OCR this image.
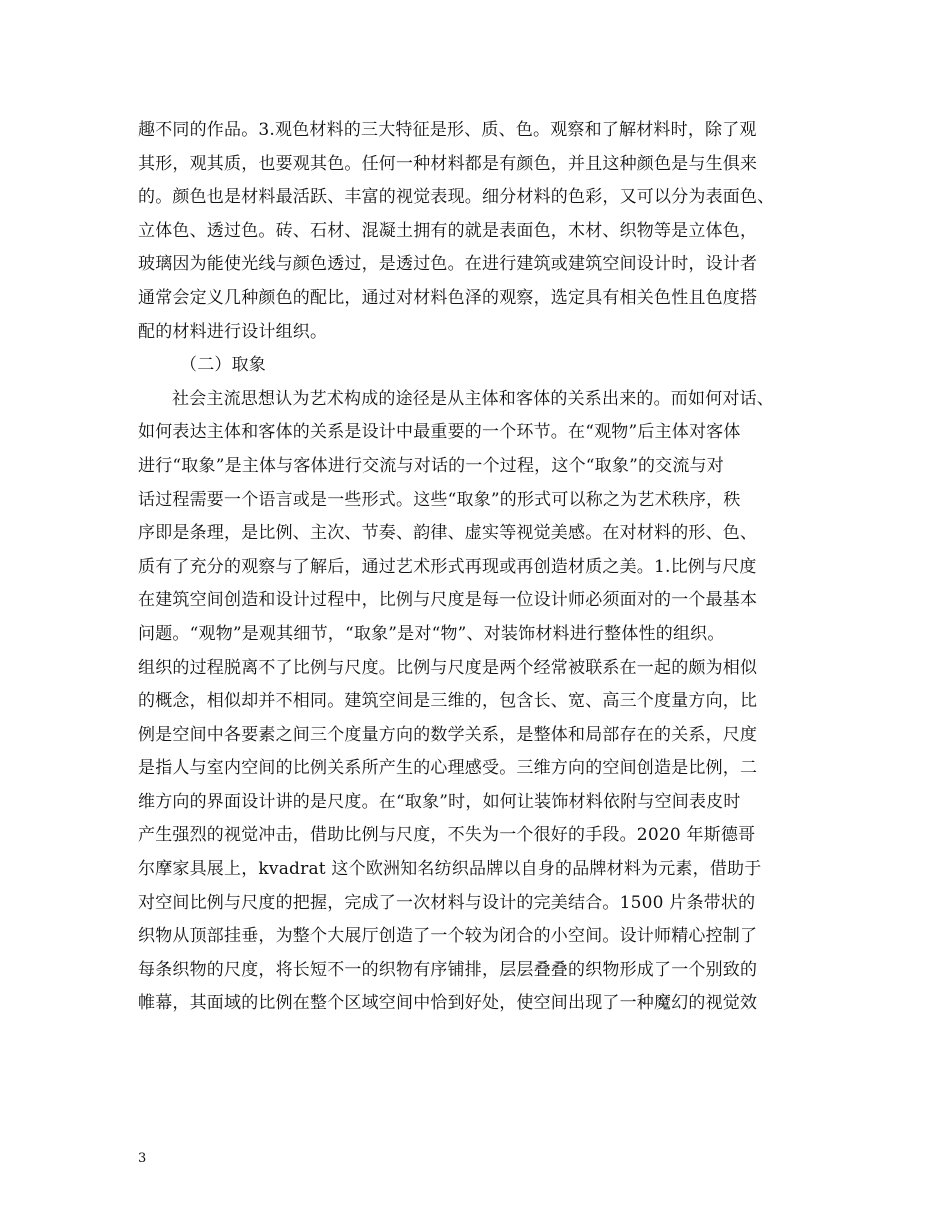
趣不同的作品。3.观色材料的三大特征是形、质、色。观察和了解材料时，除了观
其形，观其质，也要观其色。任何一种材料都是有颜色，并且这种颜色是与生俱来
的。颜色也是材料最活跃、丰富的视觉表现。细分材料的色彩，又可以分为表面色、
立体色、透过色。砖、石材、混凝土拥有的就是表面色，木材、织物等是立体色，
玻璃因为能使光线与颜色透过，是透过色。在进行建筑或建筑空间设计时，设计者
通常会定义几种颜色的配比，通过对材料色泽的观察，选定具有相关色性且色度搭
配的材料进行设计组织。
（二）取象
社会主流思想认为艺术构成的途径是从主体和客体的关系出来的。而如何对话、
如何表达主体和客体的关系是设计中最重要的一个环节。在“观物”后主体对客体
进行“取象”是主体与客体进行交流与对话的一个过程，这个“取象”的交流与对
话过程需要一个语言或是一些形式。这些“取象”的形式可以称之为艺术秩序，秩
序即是条理，是比例、主次、节奏、韵律、虚实等视觉美感。在对材料的形、色、
质有了充分的观察与了解后，通过艺术形式再现或再创造材质之美。1.比例与尺度
在建筑空间创造和设计过程中，比例与尺度是每一位设计师必须面对的一个最基本
问题。“观物”是观其细节，“取象”是对“物”、对装饰材料进行整体性的组织。
组织的过程脱离不了比例与尺度。比例与尺度是两个经常被联系在一起的颇为相似
的概念，相似却并不相同。建筑空间是三维的，包含长、宽、高三个度量方向，比
例是空间中各要素之间三个度量方向的数学关系，是整体和局部存在的关系，尺度
是指人与室内空间的比例关系所产生的心理感受。三维方向的空间创造是比例，二
维方向的界面设计讲的是尺度。在“取象”时，如何让装饰材料依附与空间表皮时
产生强烈的视觉冲击，借助比例与尺度，不失为一个很好的手段。2020 年斯德哥
尔摩家具展上，kvadrat 这个欧洲知名纺织品牌以自身的品牌材料为元素，借助于
对空间比例与尺度的把握，完成了一次材料与设计的完美结合。1500 片条带状的
织物从顶部挂垂，为整个大展厅创造了一个较为闭合的小空间。设计师精心控制了
每条织物的尺度，将长短不一的织物有序铺排，层层叠叠的织物形成了一个别致的
帷幕，其面域的比例在整个区域空间中恰到好处，使空间出现了一种魔幻的视觉效
3
